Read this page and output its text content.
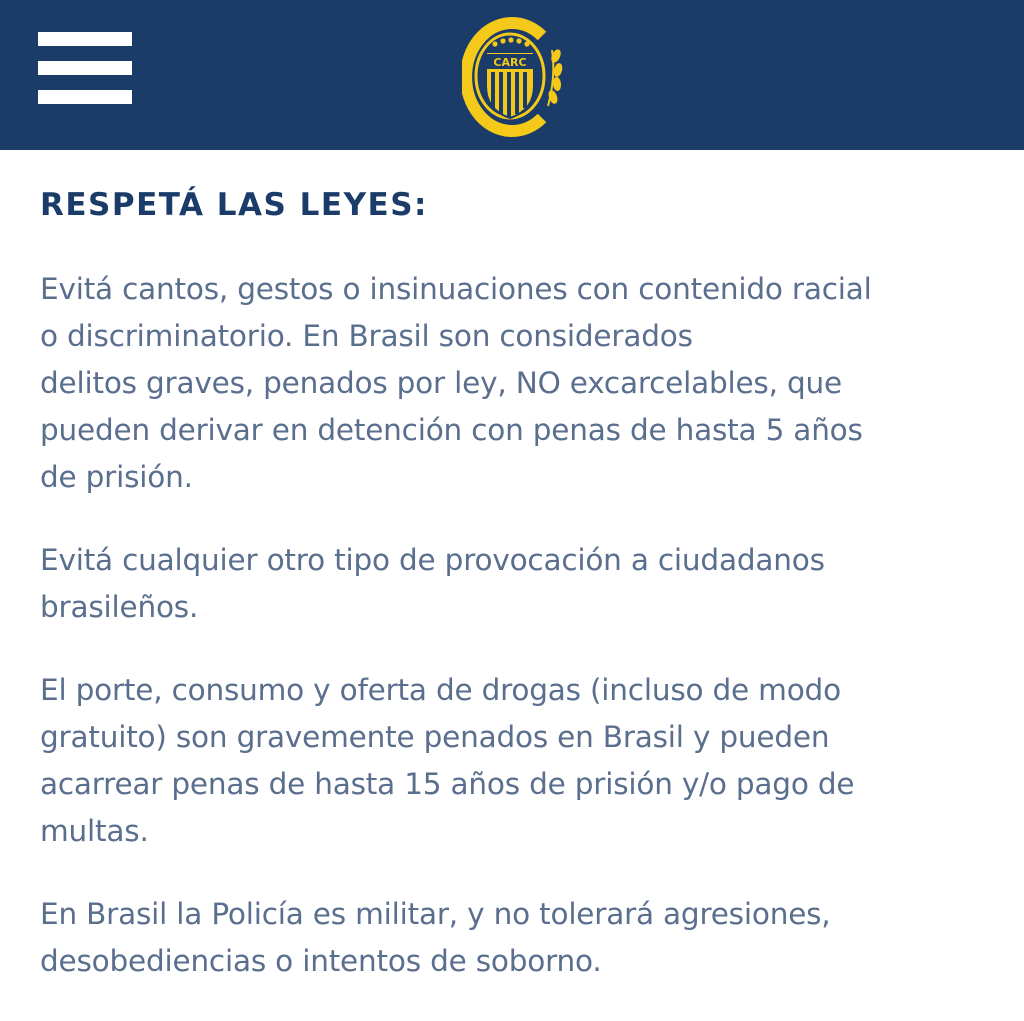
CARC
RESPETÁ LAS LEYES:

Evitá cantos, gestos o insinuaciones con contenido racial
o discriminatorio. En Brasil son considerados
delitos graves, penados por ley, NO excarcelables, que
pueden derivar en detención con penas de hasta 5 años
de prisión.

Evitá cualquier otro tipo de provocación a ciudadanos
brasileños.

El porte, consumo y oferta de drogas (incluso de modo
gratuito) son gravemente penados en Brasil y pueden
acarrear penas de hasta 15 años de prisión y/o pago de
multas.

En Brasil la Policía es militar, y no tolerará agresiones,
desobediencias o intentos de soborno.
